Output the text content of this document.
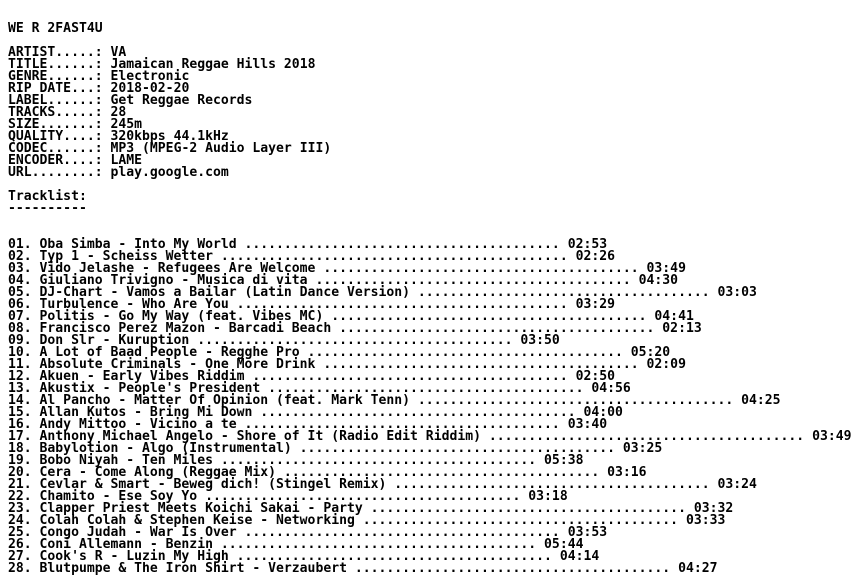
WE R 2FAST4U
ARTIST.....: VA
TITLE......: Jamaican Reggae Hills 2018
GENRE......: Electronic
RIP DATE...: 2018-02-20
LABEL......: Get Reggae Records
TRACKS.....: 28
SIZE.......: 245m
QUALITY....: 320kbps 44.1kHz
CODEC......: MP3 (MPEG-2 Audio Layer III)
ENCODER....: LAME
URL........: play.google.com
Tracklist:
----------
01. Oba Simba - Into My World ........................................ 02:53
02. Typ 1 - Scheiss Wetter ............................................ 02:26
03. Vido Jelashe - Refugees Are Welcome ........................................ 03:49
04. Giuliano Trivigno - Musica di vita ........................................ 04:30
05. DJ-Chart - Vamos a Bailar (Latin Dance Version) ..................................... 03:03
06. Turbulence - Who Are You .......................................... 03:29
07. Politis - Go My Way (feat. Vibes MC) ........................................ 04:41
08. Francisco Perez Mazon - Barcadi Beach ........................................ 02:13
09. Don Slr - Kuruption ........................................ 03:50
10. A Lot of Baad People - Regghe Pro ........................................ 05:20
11. Absolute Criminals - One More Drink ........................................ 02:09
12. Akuen - Early Vibes Riddim ........................................ 02:50
13. Akustix - People's President ........................................ 04:56
14. Al Pancho - Matter Of Opinion (feat. Mark Tenn) ........................................ 04:25
15. Allan Kutos - Bring Mi Down ........................................ 04:00
16. Andy Mittoo - Vicino a te ........................................ 03:40
17. Anthony Michael Angelo - Shore of It (Radio Edit Riddim) ........................................ 03:49
18. Babylotion - Algo (Instrumental) ........................................ 03:25
19. Bobo Niyah - Ten Miles ........................................ 05:38
20. Cera - Come Along (Reggae Mix) ........................................ 03:16
21. Cevlar & Smart - Beweg dich! (Stingel Remix) ........................................ 03:24
22. Chamito - Ese Soy Yo ........................................ 03:18
23. Clapper Priest Meets Koichi Sakai - Party ........................................ 03:32
24. Colah Colah & Stephen Keise - Networking ........................................ 03:33
25. Congo Judah - War Is Over ........................................ 03:53
26. Coni Allemann - Benzin ........................................ 05:44
27. Cook's R - Luzin My High ........................................ 04:14
28. Blutpumpe & The Iron Shirt - Verzaubert ........................................ 04:27
